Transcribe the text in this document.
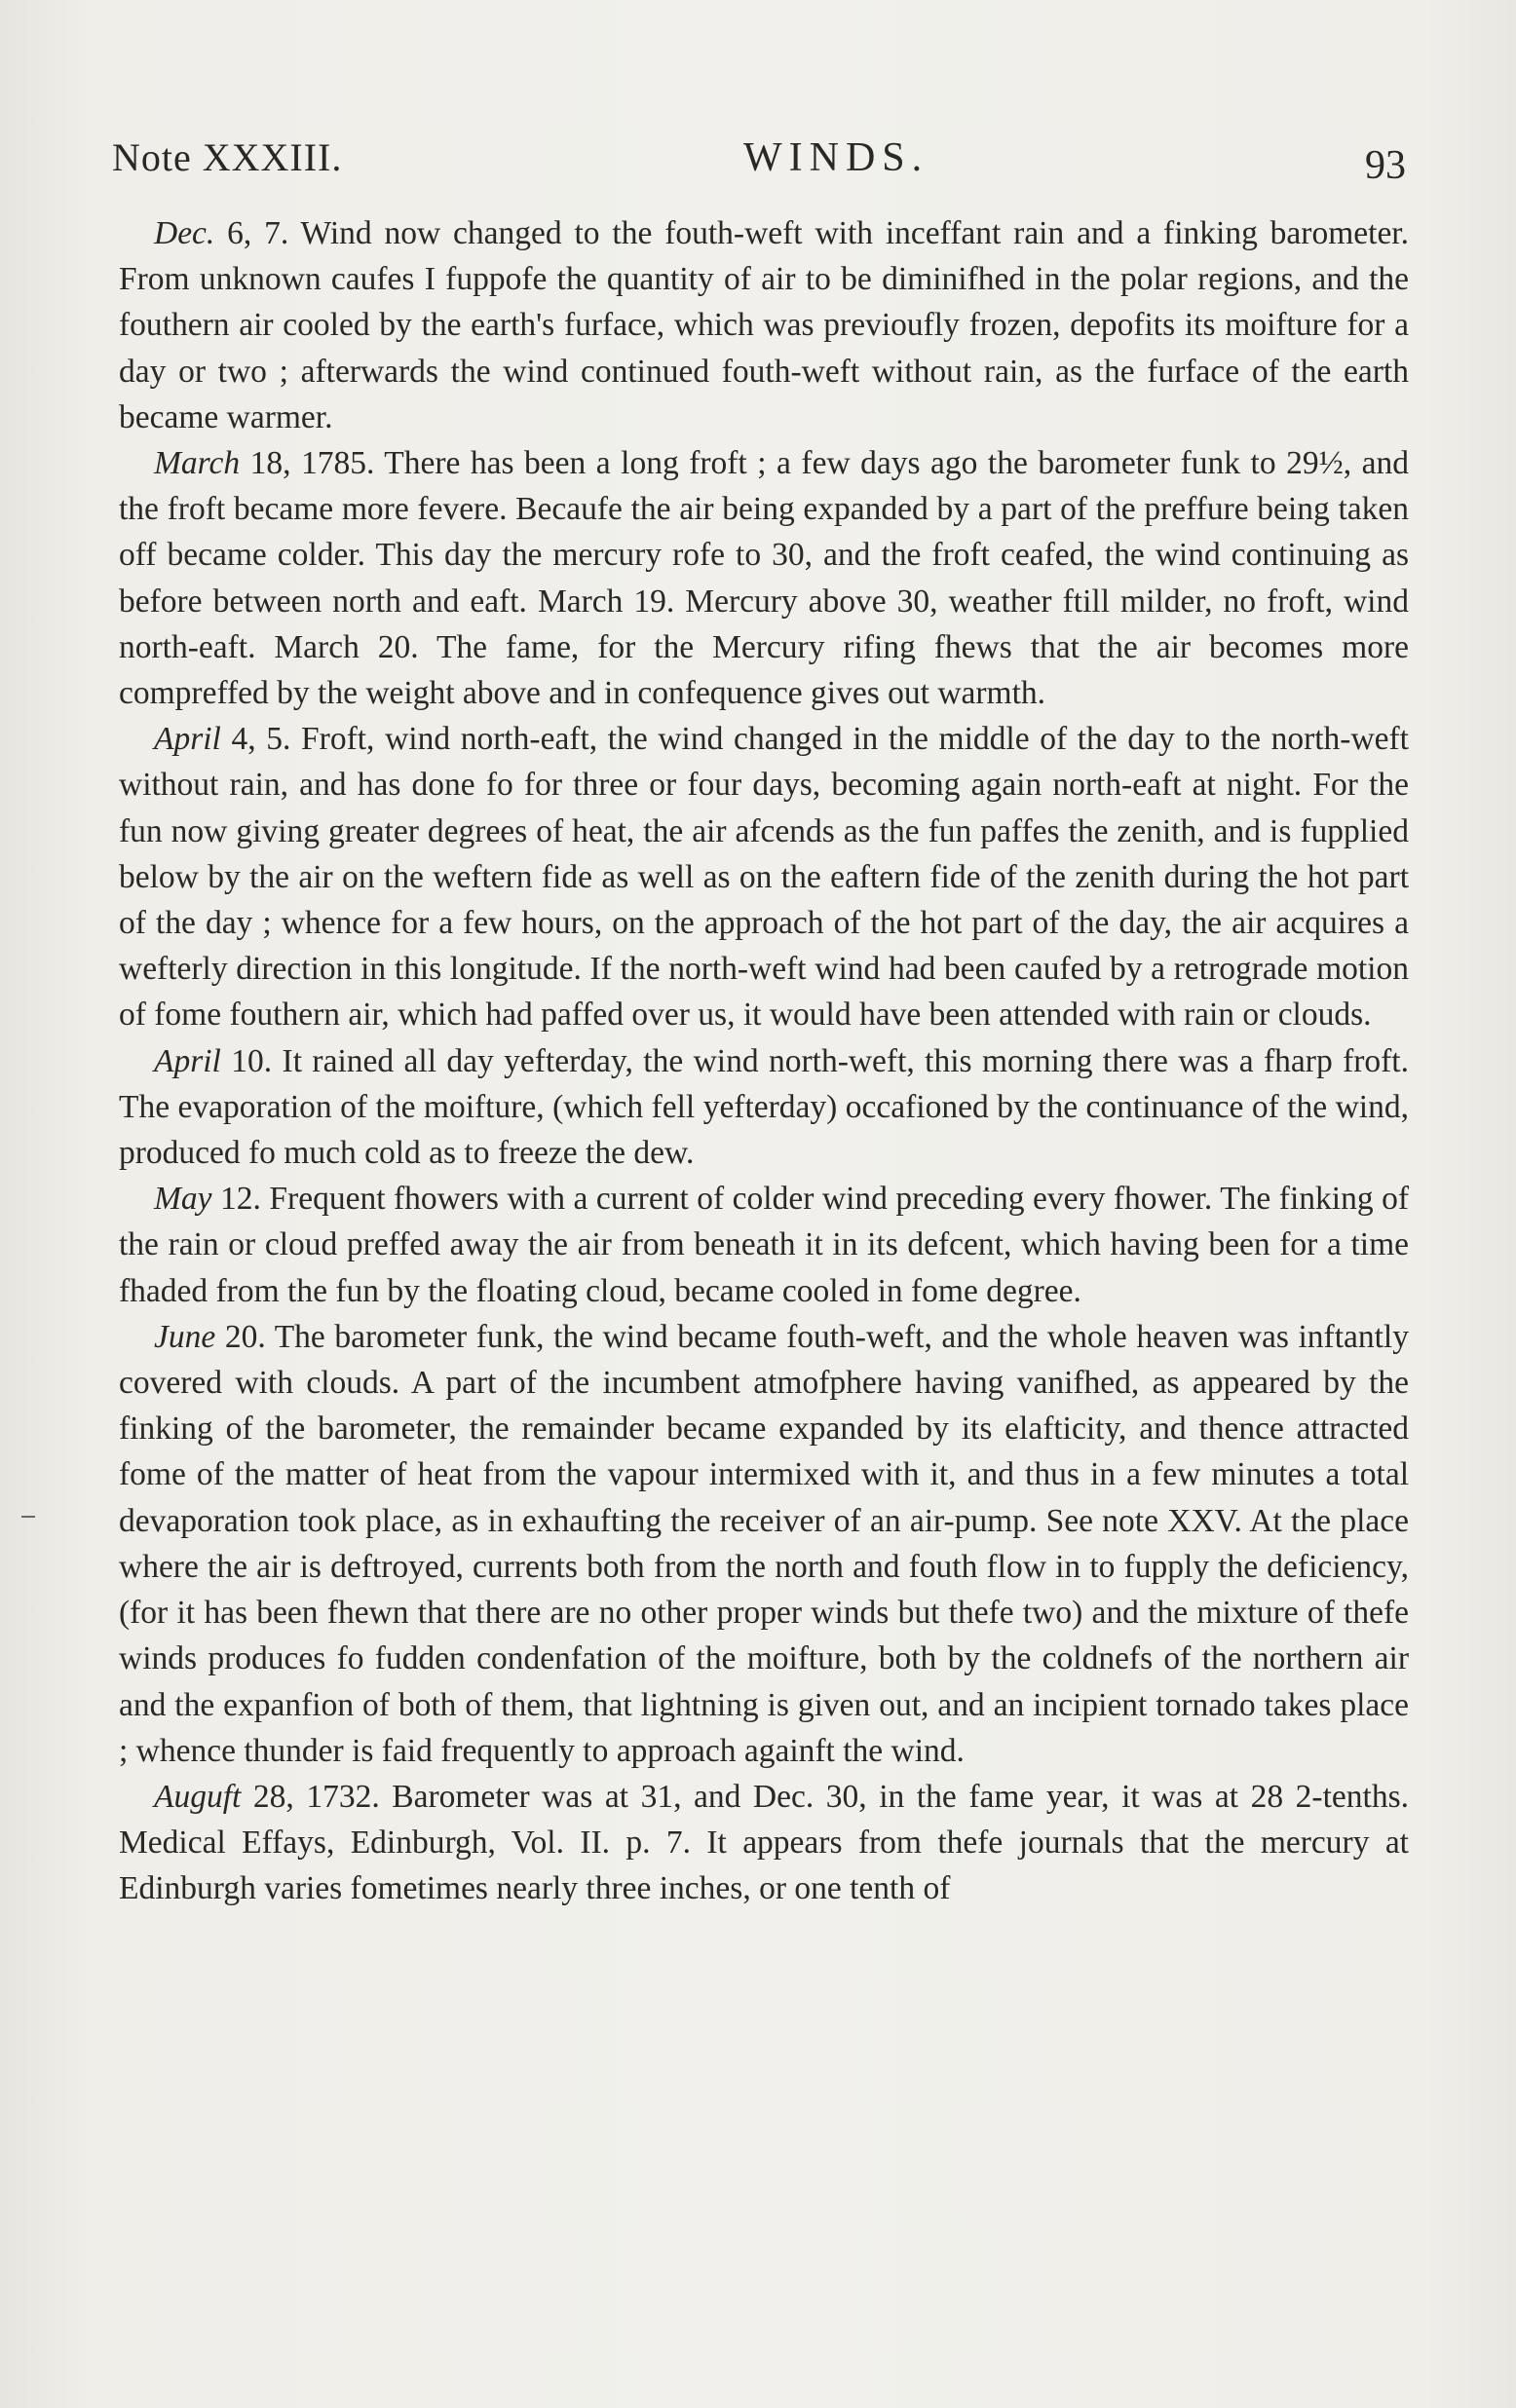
Note XXXIII.	WINDS.	93

Dec. 6, 7. Wind now changed to the fouth-weft with inceffant rain and a finking barometer. From unknown caufes I fuppofe the quantity of air to be diminifhed in the polar regions, and the fouthern air cooled by the earth's furface, which was previoufly frozen, depofits its moifture for a day or two ; afterwards the wind continued fouth-weft without rain, as the furface of the earth became warmer.

March 18, 1785. There has been a long froft ; a few days ago the barometer funk to 29½, and the froft became more fevere. Becaufe the air being expanded by a part of the preffure being taken off became colder. This day the mercury rofe to 30, and the froft ceafed, the wind continuing as before between north and eaft. March 19. Mercury above 30, weather ftill milder, no froft, wind north-eaft. March 20. The fame, for the Mercury rifing fhews that the air becomes more compreffed by the weight above and in confequence gives out warmth.

April 4, 5. Froft, wind north-eaft, the wind changed in the middle of the day to the north-weft without rain, and has done fo for three or four days, becoming again north-eaft at night. For the fun now giving greater degrees of heat, the air afcends as the fun paffes the zenith, and is fupplied below by the air on the weftern fide as well as on the eaftern fide of the zenith during the hot part of the day ; whence for a few hours, on the approach of the hot part of the day, the air acquires a wefterly direction in this longitude. If the north-weft wind had been caufed by a retrograde motion of fome fouthern air, which had paffed over us, it would have been attended with rain or clouds.

April 10. It rained all day yefterday, the wind north-weft, this morning there was a fharp froft. The evaporation of the moifture, (which fell yefterday) occafioned by the continuance of the wind, produced fo much cold as to freeze the dew.

May 12. Frequent fhowers with a current of colder wind preceding every fhower. The finking of the rain or cloud preffed away the air from beneath it in its defcent, which having been for a time fhaded from the fun by the floating cloud, became cooled in fome degree.

June 20. The barometer funk, the wind became fouth-weft, and the whole heaven was inftantly covered with clouds. A part of the incumbent atmofphere having vanifhed, as appeared by the finking of the barometer, the remainder became expanded by its elafticity, and thence attracted fome of the matter of heat from the vapour intermixed with it, and thus in a few minutes a total devaporation took place, as in exhaufting the receiver of an air-pump. See note XXV. At the place where the air is deftroyed, currents both from the north and fouth flow in to fupply the deficiency, (for it has been fhewn that there are no other proper winds but thefe two) and the mixture of thefe winds produces fo fudden condenfation of the moifture, both by the coldnefs of the northern air and the expanfion of both of them, that lightning is given out, and an incipient tornado takes place ; whence thunder is faid frequently to approach againft the wind.

Auguft 28, 1732. Barometer was at 31, and Dec. 30, in the fame year, it was at 28 2-tenths. Medical Effays, Edinburgh, Vol. II. p. 7. It appears from thefe journals that the mercury at Edinburgh varies fometimes nearly three inches, or one tenth of
